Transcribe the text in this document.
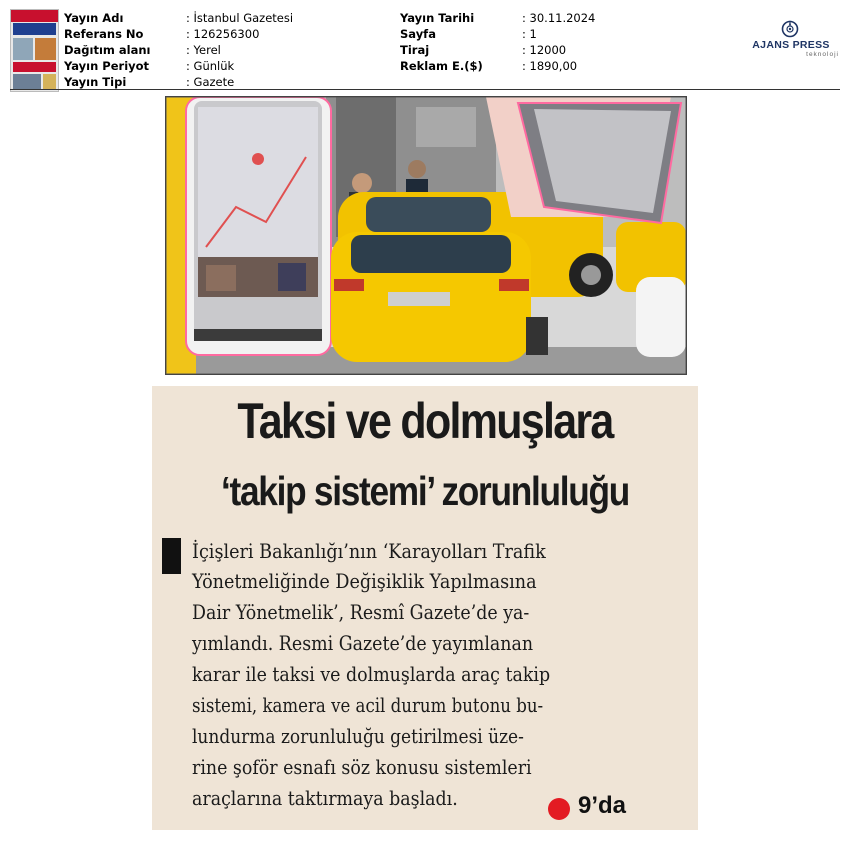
Yayın Adı	: İstanbul Gazetesi
Referans No	: 126256300
Dağıtım alanı	: Yerel
Yayın Periyot	: Günlük
Yayın Tipi	: Gazete
Yayın Tarihi	: 30.11.2024
Sayfa	: 1
Tiraj	: 12000
Reklam E.($)	: 1890,00
AJANS PRESS
teknoloji
Taksi ve dolmuşlara
‘takip sistemi’ zorunluluğu
İçişleri Bakanlığı’nın ‘Karayolları Trafik
Yönetmeliğinde Değişiklik Yapılmasına
Dair Yönetmelik’, Resmî Gazete’de ya-
yımlandı. Resmi Gazete’de yayımlanan
karar ile taksi ve dolmuşlarda araç takip
sistemi, kamera ve acil durum butonu bu-
lundurma zorunluluğu getirilmesi üze-
rine şoför esnafı söz konusu sistemleri
araçlarına taktırmaya başladı.	9’da
